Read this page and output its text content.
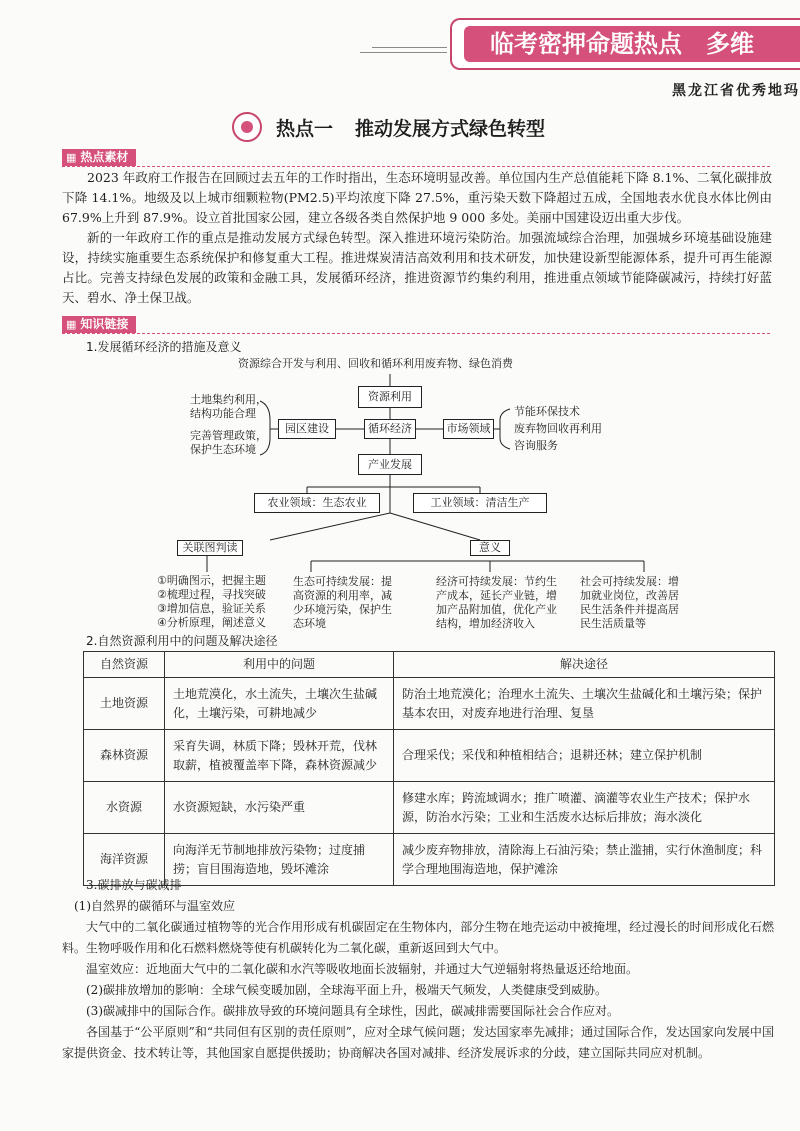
临考密押命题热点　多维
黑龙江省优秀地玛
热点一 推动发展方式绿色转型
▦ 热点素材

2023 年政府工作报告在回顾过去五年的工作时指出，生态环境明显改善。单位国内生产总值能耗下降 8.1%、二氧化碳排放下降 14.1%。地级及以上城市细颗粒物(PM2.5)平均浓度下降 27.5%，重污染天数下降超过五成，全国地表水优良水体比例由 67.9%上升到 87.9%。设立首批国家公园，建立各级各类自然保护地 9 000 多处。美丽中国建设迈出重大步伐。

新的一年政府工作的重点是推动发展方式绿色转型。深入推进环境污染防治。加强流域综合治理，加强城乡环境基础设施建设，持续实施重要生态系统保护和修复重大工程。推进煤炭清洁高效利用和技术研发，加快建设新型能源体系，提升可再生能源占比。完善支持绿色发展的政策和金融工具，发展循环经济，推进资源节约集约利用，推进重点领域节能降碳减污，持续打好蓝天、碧水、净土保卫战。

▦ 知识链接
1.发展循环经济的措施及意义
资源综合开发与利用、回收和循环利用废弃物、绿色消费
资源利用
循环经济
园区建设	市场领域
产业发展
农业领域：生态农业	工业领域：清洁生产
关联图判读	意义
土地集约利用，
结构功能合理
完善管理政策，
保护生态环境
节能环保技术
废弃物回收再利用
咨询服务
①明确图示，把握主题
②梳理过程，寻找突破
③增加信息，验证关系
④分析原理，阐述意义
生态可持续发展：提
高资源的利用率，减
少环境污染，保护生
态环境
经济可持续发展：节约生
产成本，延长产业链，增
加产品附加值，优化产业
结构，增加经济收入
社会可持续发展：增
加就业岗位，改善居
民生活条件并提高居
民生活质量等
2.自然资源利用中的问题及解决途径
自然资源	利用中的问题	解决途径
土地资源	土地荒漠化，水土流失，土壤次生盐碱化，土壤污染，可耕地减少	防治土地荒漠化；治理水土流失、土壤次生盐碱化和土壤污染；保护基本农田，对废弃地进行治理、复垦
森林资源	采育失调，林质下降；毁林开荒，伐林取薪，植被覆盖率下降，森林资源减少	合理采伐；采伐和种植相结合；退耕还林；建立保护机制
水资源	水资源短缺，水污染严重	修建水库；跨流域调水；推广喷灌、滴灌等农业生产技术；保护水源，防治水污染；工业和生活废水达标后排放；海水淡化
海洋资源	向海洋无节制地排放污染物；过度捕捞；盲目围海造地，毁坏滩涂	减少废弃物排放，清除海上石油污染；禁止滥捕，实行休渔制度；科学合理地围海造地，保护滩涂
3.碳排放与碳减排
(1)自然界的碳循环与温室效应
大气中的二氧化碳通过植物等的光合作用形成有机碳固定在生物体内，部分生物在地壳运动中被掩埋，经过漫长的时间形成化石燃料。生物呼吸作用和化石燃料燃烧等使有机碳转化为二氧化碳，重新返回到大气中。
温室效应：近地面大气中的二氧化碳和水汽等吸收地面长波辐射，并通过大气逆辐射将热量返还给地面。
(2)碳排放增加的影响：全球气候变暖加剧，全球海平面上升，极端天气频发，人类健康受到威胁。
(3)碳减排中的国际合作。碳排放导致的环境问题具有全球性，因此，碳减排需要国际社会合作应对。
各国基于“公平原则”和“共同但有区别的责任原则”，应对全球气候问题；发达国家率先减排；通过国际合作，发达国家向发展中国家提供资金、技术转让等，其他国家自愿提供援助；协商解决各国对减排、经济发展诉求的分歧，建立国际共同应对机制。
